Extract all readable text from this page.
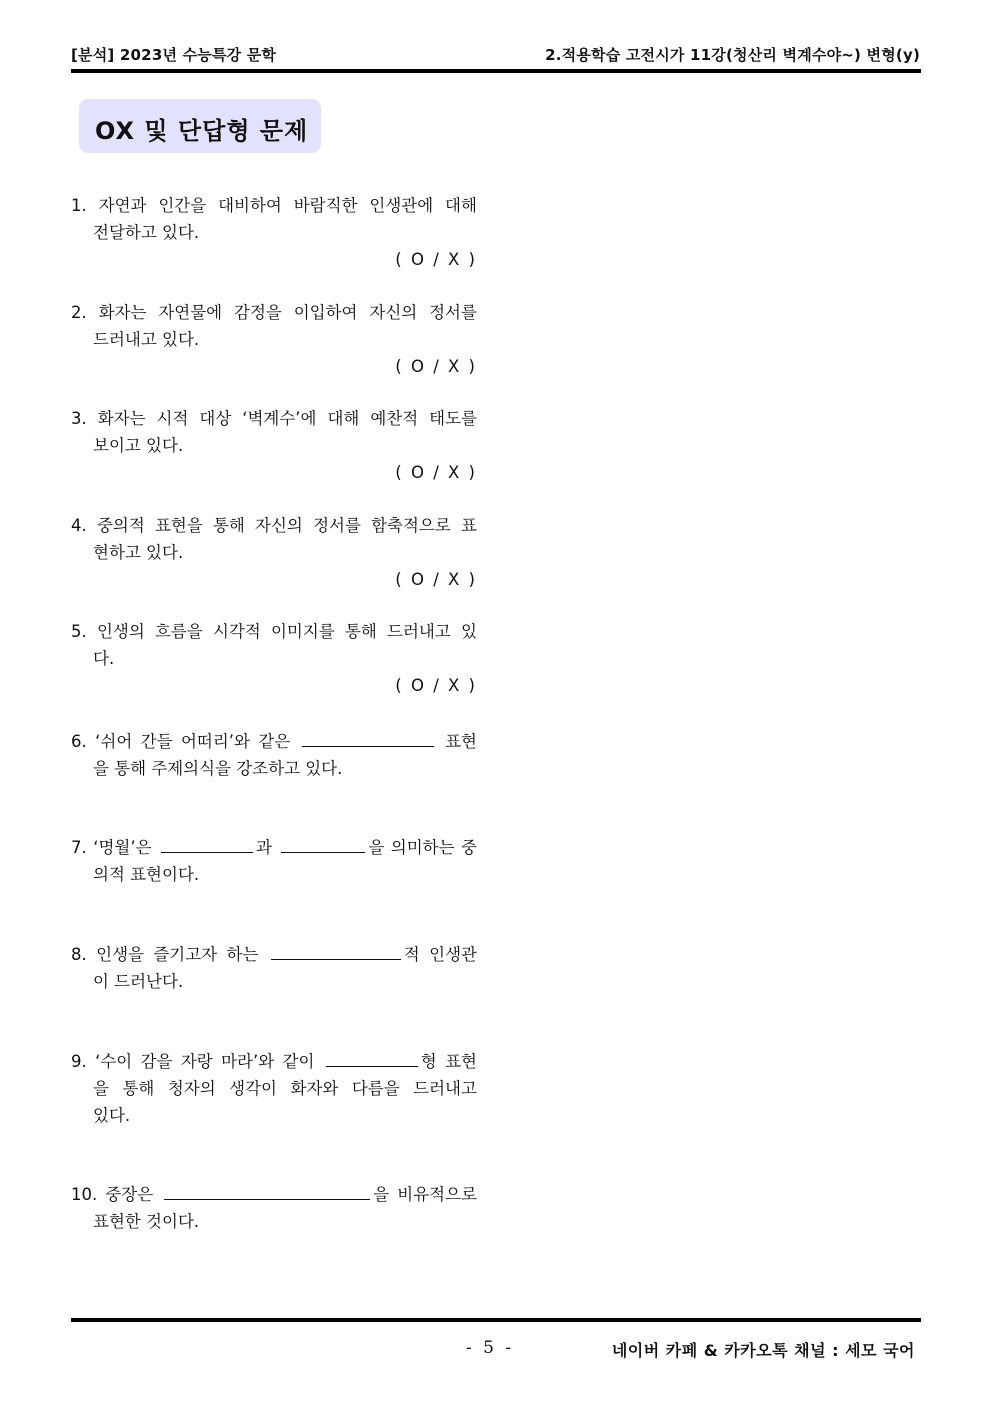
[분석] 2023년 수능특강 문학	2.적용학습 고전시가 11강(청산리 벽계수야~) 변형(y)
OX 및 단답형 문제
1. 자연과 인간을 대비하여 바람직한 인생관에 대해
전달하고 있다.
( O / X )
2. 화자는 자연물에 감정을 이입하여 자신의 정서를
드러내고 있다.
( O / X )
3. 화자는 시적 대상 ‘벽계수’에 대해 예찬적 태도를
보이고 있다.
( O / X )
4. 중의적 표현을 통해 자신의 정서를 함축적으로 표
현하고 있다.
( O / X )
5. 인생의 흐름을 시각적 이미지를 통해 드러내고 있
다.
( O / X )
6. ‘쉬어 간들 어떠리’와 같은	표현
을 통해 주제의식을 강조하고 있다.
7. ‘명월’은	과	을 의미하는 중
의적 표현이다.
8. 인생을 즐기고자 하는	적 인생관
이 드러난다.
9. ‘수이 감을 자랑 마라’와 같이	형 표현
을 통해 청자의 생각이 화자와 다름을 드러내고
있다.
10. 중장은	을 비유적으로
표현한 것이다.
- 5 -	네이버 카페 & 카카오톡 채널 : 세모 국어
